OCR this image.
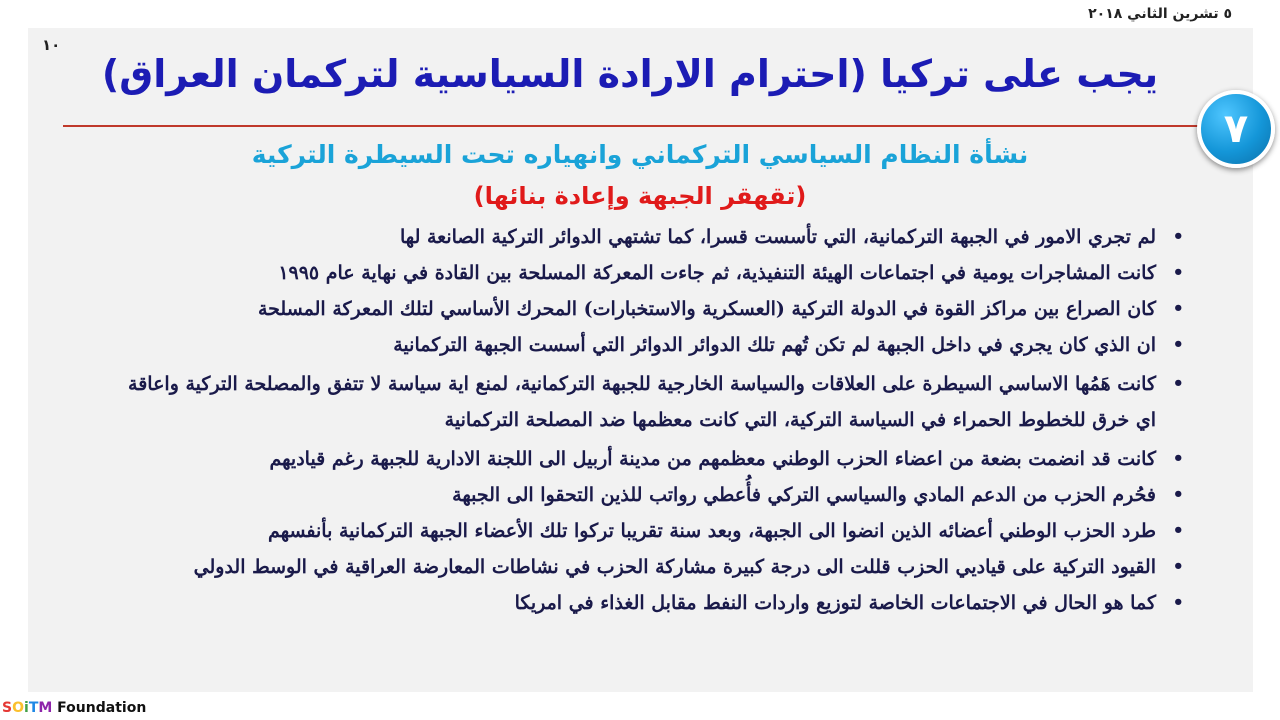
٥ تشرين الثاني ٢٠١٨
١٠
يجب على تركيا (احترام الارادة السياسية لتركمان العراق)
٧
نشأة النظام السياسي التركماني وانهياره تحت السيطرة التركية
(تقهقر الجبهة وإعادة بنائها)
•
لم تجري الامور في الجبهة التركمانية، التي تأسست قسرا، كما تشتهي الدوائر التركية الصانعة لها
•
كانت المشاجرات يومية في اجتماعات الهيئة التنفيذية، ثم جاءت المعركة المسلحة بين القادة في نهاية عام ١٩٩٥
•
كان الصراع بين مراكز القوة في الدولة التركية (العسكرية والاستخبارات) المحرك الأساسي لتلك المعركة المسلحة
•
ان الذي كان يجري في داخل الجبهة لم تكن تُهم تلك الدوائر الدوائر التي أسست الجبهة التركمانية
•
كانت هَمُها الاساسي السيطرة على العلاقات والسياسة الخارجية للجبهة التركمانية، لمنع اية سياسة لا تتفق والمصلحة التركية واعاقة اي خرق للخطوط الحمراء في السياسة التركية، التي كانت معظمها ضد المصلحة التركمانية
•
كانت قد انضمت بضعة من اعضاء الحزب الوطني معظمهم من مدينة أربيل الى اللجنة الادارية للجبهة رغم قياديهم
•
فحُرم الحزب من الدعم المادي والسياسي التركي فأُعطي رواتب للذين التحقوا الى الجبهة
•
طرد الحزب الوطني أعضائه الذين انضوا الى الجبهة، وبعد سنة تقريبا تركوا تلك الأعضاء الجبهة التركمانية بأنفسهم
•
القيود التركية على قياديي الحزب قللت الى درجة كبيرة مشاركة الحزب في نشاطات المعارضة العراقية في الوسط الدولي
•
كما هو الحال في الاجتماعات الخاصة لتوزيع واردات النفط مقابل الغذاء في امريكا
SOiTM Foundation
